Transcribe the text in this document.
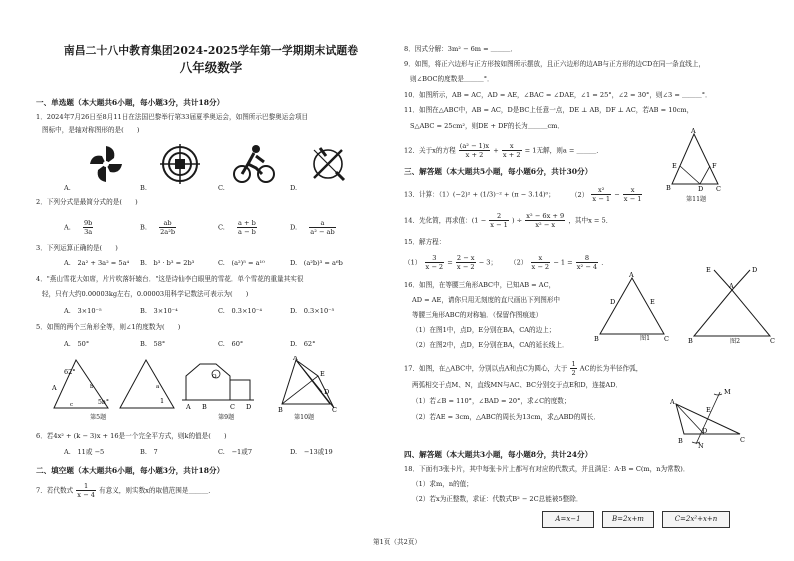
南昌二十八中教育集团2024-2025学年第一学期期末试题卷
八年级数学
一、单选题（本大题共6小题，每小题3分，共计18分）
1．2024年7月26日至8月11日在法国巴黎举行第33届夏季奥运会，如图所示巴黎奥运会项目
图标中，是轴对称图形的是(　　)
A.	B.	C.	D.
2．下列分式是最简分式的是(　　)
A. $\frac{9b}{3a}$	B. $\frac{ab}{\text{2a²b}}$	C. $\frac{a + b}{a - b}$	D. $\frac{a}{\text{a² − ab}}$
3．下列运算正确的是(　　)
A.　2a² + 3a² = 5a⁴ B.　b³ · b³ = 2b³	C.　(a²)⁵ = a¹⁰	D.　(a²b)³ = a⁶b
4．"燕山雪花大如席，片片吹落轩辕台．"这是诗仙李白眼里的雪花．单个雪花的重量其实很
轻，只有大约0.00003kg左右，0.00003用科学记数法可表示为(　　)
A.　3×10⁻⁵	B.　3×10⁻⁴	C.　0.3×10⁻⁴	D.　0.3×10⁻⁵
5．如图的两个三角形全等，则∠1的度数为(　　)
A.　50°	B.　58°	C.　60°	D.　62°
62°
A
5n°	1
c
b	a
第5题
A B	C D
O
第9题
A
B	C
E
D
第10题
6．若4x² + (k − 3)x + 16是一个完全平方式，则k的值是(　　)
A.　11或 −5	B.　7	C.　−1或7	D.　−13或19
二、填空题（本大题共6小题，每小题3分，共计18分）
7．若代数式 $\frac{1}{x - 4}$ 有意义，则实数x的取值范围是＿＿＿．
第1页（共2页）
8．因式分解：3m² − 6m = ＿＿＿．
9．如图，将正六边形与正方形按如图所示摆放，且正六边形的边AB与正方形的边CD在同一条直线上，
则∠BOC的度数是＿＿＿°．
10．如图所示，AB = AC，AD = AE，∠BAC = ∠DAE，∠1 = 25°，∠2 = 30°，则∠3 = ＿＿＿°．
11．如图在△ABC中，AB = AC，D是BC上任意一点，DE ⊥ AB，DF ⊥ AC，若AB = 10cm，
S△ABC = 25cm²，则DE + DF的长为＿＿＿cm．
12．关于x的方程 $\frac{\text{(a² − 1)x}}{x + 2} + \frac{x}{x + 2} = 1$无解，则a = ＿＿＿．
A
B	D C
E	F
第11题
三、解答题（本大题共5小题，每小题6分，共计30分）
13．计算：（1）(−2)² + (1/3)⁻² + (π − 3.14)⁰； $(2) \frac{\text{x²}}{x - 1} - \frac{x}{x - 1}$
14．先化简，再求值：($1 - \frac{2}{x - 1}$ ) ÷ $\frac{\text{x² − 6x + 9}}{\text{x² − x}}$ ，其中x = 5．
15．解方程：
$(1) \frac{3}{x - 2} = \frac{2 - x}{x - 2} - 3$； $(2) \frac{x}{x - 2} - 1 = \frac{8}{\text{x² − 4}}$ ．
16．如图，在等腰三角形ABC中，已知AB = AC，
AD = AE，请你只用无刻度的直尺画出下列图形中
等腰三角形ABC的对称轴．（保留作图痕迹）
（1）在图1中，点D，E分别在BA，CA的边上；
（2）在图2中，点D，E分别在BA，CA的延长线上．
A
B	C
D	E
图1
A
B	C
E	D
图2
17．如图，在△ABC中，分别以点A和点C为圆心，大于 $\frac{1}{2}$ AC的长为半径作弧，
两弧相交于点M、N，直线MN与AC、BC分别交于点E和D，连接AD．
（1）若∠B = 110°，∠BAD = 20°，求∠C的度数；
（2）若AE = 3cm，△ABC的周长为13cm，求△ABD的周长．
A
B	C
E
D
M
N
四、解答题（本大题共3小题，每小题8分，共计24分）
18．下面有3张卡片，其中每张卡片上都写有对应的代数式，并且满足：A·B = C(m，n为常数)．
（1）求m，n的值；
（2）若x为正整数，求证：代数式B² − 2C总能被5整除．
A=x−1	B=2x+m	C=2x²+x+n
